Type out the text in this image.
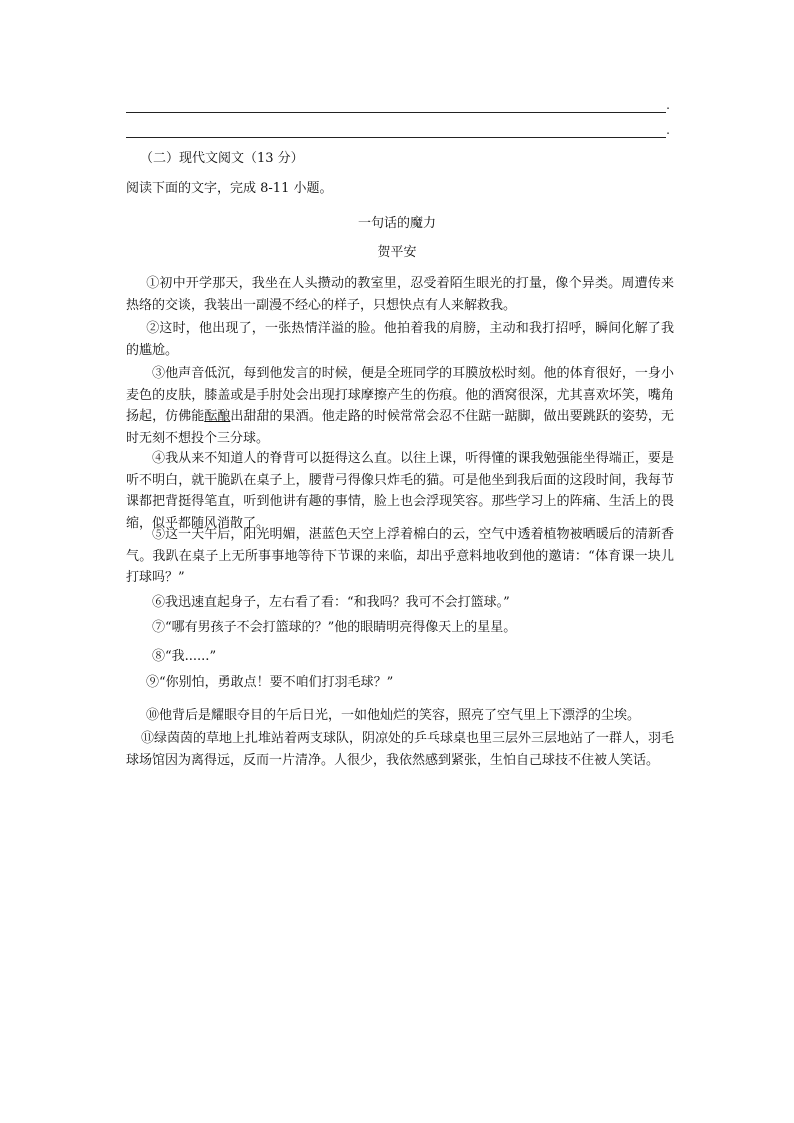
.
.
（二）现代文阅文（13 分）
阅读下面的文字，完成 8-11 小题。
一句话的魔力
贺平安

①初中开学那天，我坐在人头攒动的教室里，忍受着陌生眼光的打量，像个异类。周遭传来热络的交谈，我装出一副漫不经心的样子，只想快点有人来解救我。

②这时，他出现了，一张热情洋溢的脸。他拍着我的肩膀，主动和我打招呼，瞬间化解了我的尴尬。

③他声音低沉，每到他发言的时候，便是全班同学的耳膜放松时刻。他的体育很好，一身小麦色的皮肤，膝盖或是手肘处会出现打球摩擦产生的伤痕。他的酒窝很深，尤其喜欢坏笑，嘴角扬起，仿佛能酝酿出甜甜的果酒。他走路的时候常常会忍不住踮一踮脚，做出要跳跃的姿势，无时无刻不想投个三分球。

④我从来不知道人的脊背可以挺得这么直。以往上课，听得懂的课我勉强能坐得端正，要是听不明白，就干脆趴在桌子上，腰背弓得像只炸毛的猫。可是他坐到我后面的这段时间，我每节课都把背挺得笔直，听到他讲有趣的事情，脸上也会浮现笑容。那些学习上的阵痛、生活上的畏缩，似乎都随风消散了。

⑤这一天午后，阳光明媚，湛蓝色天空上浮着棉白的云，空气中透着植物被晒暖后的清新香气。我趴在桌子上无所事事地等待下节课的来临，却出乎意料地收到他的邀请：“体育课一块儿打球吗？”

⑥我迅速直起身子，左右看了看：“和我吗？我可不会打篮球。”

⑦“哪有男孩子不会打篮球的？”他的眼睛明亮得像天上的星星。

⑧“我......”

⑨“你别怕，勇敢点！要不咱们打羽毛球？”

⑩他背后是耀眼夺目的午后日光，一如他灿烂的笑容，照亮了空气里上下漂浮的尘埃。

⑪绿茵茵的草地上扎堆站着两支球队，阴凉处的乒乓球桌也里三层外三层地站了一群人，羽毛球场馆因为离得远，反而一片清净。人很少，我依然感到紧张，生怕自己球技不住被人笑话。
